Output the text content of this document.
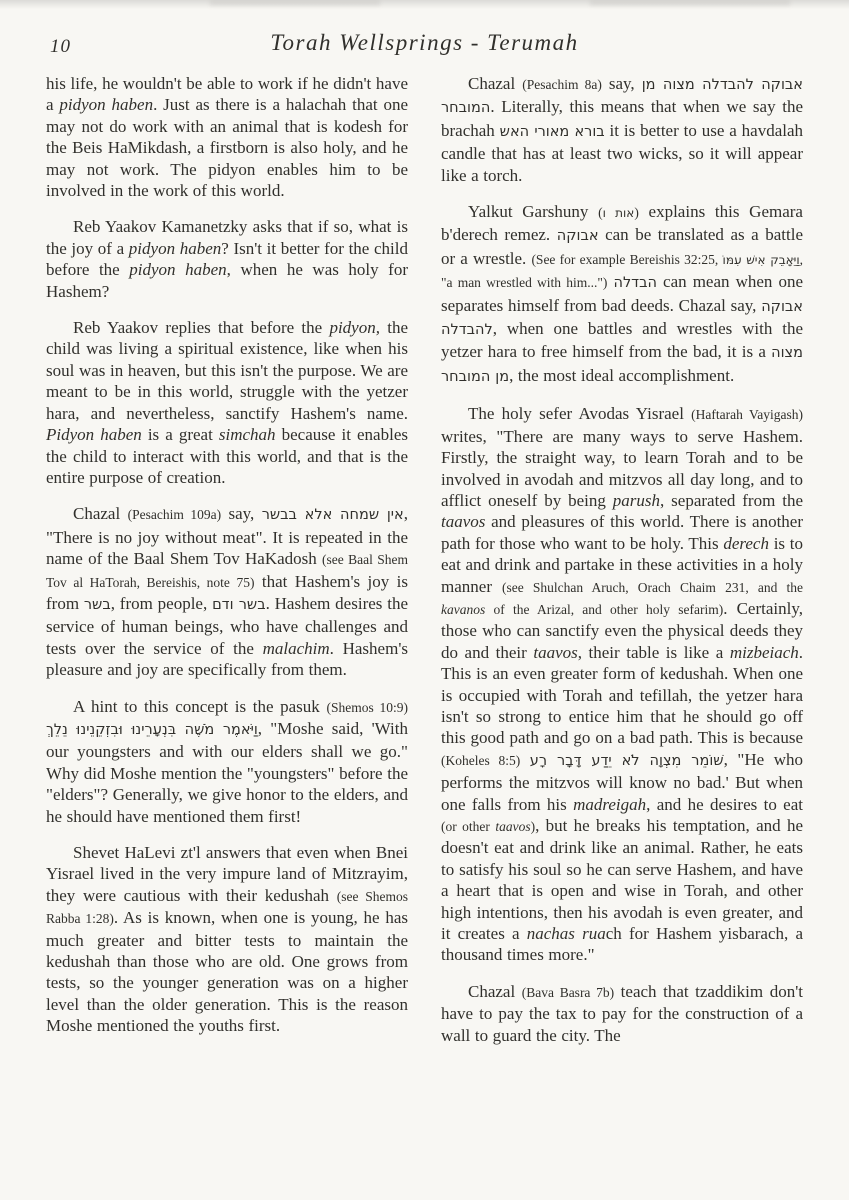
10	Torah Wellsprings - Terumah

his life, he wouldn't be able to work if he didn't have a pidyon haben. Just as there is a halachah that one may not do work with an animal that is kodesh for the Beis HaMikdash, a firstborn is also holy, and he may not work. The pidyon enables him to be involved in the work of this world.

Reb Yaakov Kamanetzky asks that if so, what is the joy of a pidyon haben? Isn't it better for the child before the pidyon haben, when he was holy for Hashem?

Reb Yaakov replies that before the pidyon, the child was living a spiritual existence, like when his soul was in heaven, but this isn't the purpose. We are meant to be in this world, struggle with the yetzer hara, and nevertheless, sanctify Hashem's name. Pidyon haben is a great simchah because it enables the child to interact with this world, and that is the entire purpose of creation.

Chazal (Pesachim 109a) say, אין שמחה אלא בבשר, "There is no joy without meat". It is repeated in the name of the Baal Shem Tov HaKadosh (see Baal Shem Tov al HaTorah, Bereishis, note 75) that Hashem's joy is from בשר, from people, בשר ודם. Hashem desires the service of human beings, who have challenges and tests over the service of the malachim. Hashem's pleasure and joy are specifically from them.

A hint to this concept is the pasuk (Shemos 10:9) וַיֹּאמֶר מֹשֶׁה בִּנְעָרֵינוּ וּבִזְקֵנֵינוּ נֵלֵךְ, "Moshe said, 'With our youngsters and with our elders shall we go." Why did Moshe mention the "youngsters" before the "elders"? Generally, we give honor to the elders, and he should have mentioned them first!

Shevet HaLevi zt'l answers that even when Bnei Yisrael lived in the very impure land of Mitzrayim, they were cautious with their kedushah (see Shemos Rabba 1:28). As is known, when one is young, he has much greater and bitter tests to maintain the kedushah than those who are old. One grows from tests, so the younger generation was on a higher level than the older generation. This is the reason Moshe mentioned the youths first.

Chazal (Pesachim 8a) say, אבוקה להבדלה מצוה מן המובחר. Literally, this means that when we say the brachah בורא מאורי האש it is better to use a havdalah candle that has at least two wicks, so it will appear like a torch.

Yalkut Garshuny (אות ו) explains this Gemara b'derech remez. אבוקה can be translated as a battle or a wrestle. (See for example Bereishis 32:25, וַיֵּאָבֵק אִישׁ עִמּוֹ, "a man wrestled with him...") הבדלה can mean when one separates himself from bad deeds. Chazal say, אבוקה להבדלה, when one battles and wrestles with the yetzer hara to free himself from the bad, it is a מצוה מן המובחר, the most ideal accomplishment.

The holy sefer Avodas Yisrael (Haftarah Vayigash) writes, "There are many ways to serve Hashem. Firstly, the straight way, to learn Torah and to be involved in avodah and mitzvos all day long, and to afflict oneself by being parush, separated from the taavos and pleasures of this world. There is another path for those who want to be holy. This derech is to eat and drink and partake in these activities in a holy manner (see Shulchan Aruch, Orach Chaim 231, and the kavanos of the Arizal, and other holy sefarim). Certainly, those who can sanctify even the physical deeds they do and their taavos, their table is like a mizbeiach. This is an even greater form of kedushah. When one is occupied with Torah and tefillah, the yetzer hara isn't so strong to entice him that he should go off this good path and go on a bad path. This is because (Koheles 8:5) שׁוֹמֵר מִצְוָה לֹא יֵדַע דָּבָר רָע, "He who performs the mitzvos will know no bad.' But when one falls from his madreigah, and he desires to eat (or other taavos), but he breaks his temptation, and he doesn't eat and drink like an animal. Rather, he eats to satisfy his soul so he can serve Hashem, and have a heart that is open and wise in Torah, and other high intentions, then his avodah is even greater, and it creates a nachas ruach for Hashem yisbarach, a thousand times more."

Chazal (Bava Basra 7b) teach that tzaddikim don't have to pay the tax to pay for the construction of a wall to guard the city. The
